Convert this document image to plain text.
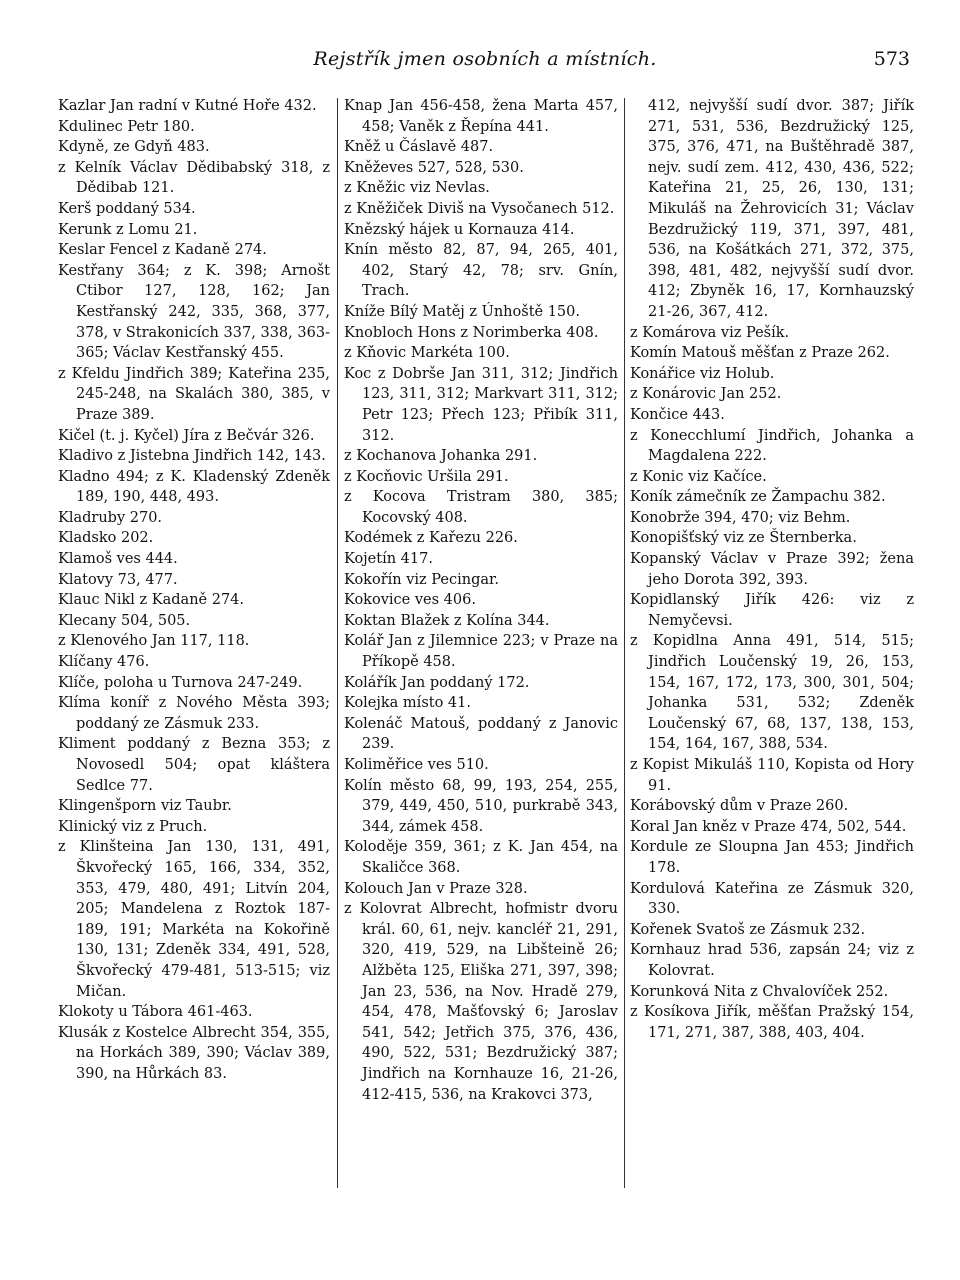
Rejstřík jmen osobních a místních.	573
Kazlar Jan radní v Kutné Hoře 432.
Kdulinec Petr 180.
Kdyně, ze Gdyň 483.
z Kelník Václav Dědibabský 318, z Dědibab 121.
Kerš poddaný 534.
Kerunk z Lomu 21.
Keslar Fencel z Kadaně 274.
Kestřany 364; z K. 398; Arnošt Ctibor 127, 128, 162; Jan Kestřanský 242, 335, 368, 377, 378, v Strakonicích 337, 338, 363-365; Václav Kestřanský 455.
z Kfeldu Jindřich 389; Kateřina 235, 245-248, na Skalách 380, 385, v Praze 389.
Kičel (t. j. Kyčel) Jíra z Bečvár 326.
Kladivo z Jistebna Jindřich 142, 143.
Kladno 494; z K. Kladenský Zdeněk 189, 190, 448, 493.
Kladruby 270.
Kladsko 202.
Klamoš ves 444.
Klatovy 73, 477.
Klauc Nikl z Kadaně 274.
Klecany 504, 505.
z Klenového Jan 117, 118.
Klíčany 476.
Klíče, poloha u Turnova 247-249.
Klíma koníř z Nového Města 393; poddaný ze Zásmuk 233.
Kliment poddaný z Bezna 353; z Novosedl 504; opat kláštera Sedlce 77.
Klingenšporn viz Taubr.
Klinický viz z Pruch.
z Klinšteina Jan 130, 131, 491, Škvořecký 165, 166, 334, 352, 353, 479, 480, 491; Litvín 204, 205; Mandelena z Roztok 187-189, 191; Markéta na Kokořině 130, 131; Zdeněk 334, 491, 528, Škvořecký 479-481, 513-515; viz Mičan.
Klokoty u Tábora 461-463.
Klusák z Kostelce Albrecht 354, 355, na Horkách 389, 390; Václav 389, 390, na Hůrkách 83.
Knap Jan 456-458, žena Marta 457, 458; Vaněk z Řepína 441.
Kněž u Čáslavě 487.
Kněževes 527, 528, 530.
z Kněžic viz Nevlas.
z Kněžiček Diviš na Vysočanech 512.
Knězský hájek u Kornauza 414.
Knín město 82, 87, 94, 265, 401, 402, Starý 42, 78; srv. Gnín, Trach.
Kníže Bílý Matěj z Únhoště 150.
Knobloch Hons z Norimberka 408.
z Kňovic Markéta 100.
Koc z Dobrše Jan 311, 312; Jindřich 123, 311, 312; Markvart 311, 312; Petr 123; Přech 123; Přibík 311, 312.
z Kochanova Johanka 291.
z Kocňovic Uršila 291.
z Kocova Tristram 380, 385; Kocovský 408.
Kodémek z Kařezu 226.
Kojetín 417.
Kokořín viz Pecingar.
Kokovice ves 406.
Koktan Blažek z Kolína 344.
Kolář Jan z Jilemnice 223; v Praze na Příkopě 458.
Kolářík Jan poddaný 172.
Kolejka místo 41.
Kolenáč Matouš, poddaný z Janovic 239.
Koliměřice ves 510.
Kolín město 68, 99, 193, 254, 255, 379, 449, 450, 510, purkrabě 343, 344, zámek 458.
Koloděje 359, 361; z K. Jan 454, na Skaličce 368.
Kolouch Jan v Praze 328.
z Kolovrat Albrecht, hofmistr dvoru král. 60, 61, nejv. kancléř 21, 291, 320, 419, 529, na Libšteině 26; Alžběta 125, Eliška 271, 397, 398; Jan 23, 536, na Nov. Hradě 279, 454, 478, Mašťovský 6; Jaroslav 541, 542; Jetřich 375, 376, 436, 490, 522, 531; Bezdružický 387; Jindřich na Kornhauze 16, 21-26, 412-415, 536, na Krakovci 373,
412, nejvyšší sudí dvor. 387; Jiřík 271, 531, 536, Bezdružický 125, 375, 376, 471, na Buštěhradě 387, nejv. sudí zem. 412, 430, 436, 522; Kateřina 21, 25, 26, 130, 131; Mikuláš na Žehrovicích 31; Václav Bezdružický 119, 371, 397, 481, 536, na Košátkách 271, 372, 375, 398, 481, 482, nejvyšší sudí dvor. 412; Zbyněk 16, 17, Kornhauzský 21-26, 367, 412.
z Komárova viz Pešík.
Komín Matouš měšťan z Praze 262.
Konářice viz Holub.
z Konárovic Jan 252.
Končice 443.
z Konecchlumí Jindřich, Johanka a Magdalena 222.
z Konic viz Kačíce.
Koník zámečník ze Žampachu 382.
Konobrže 394, 470; viz Behm.
Konopišťský viz ze Šternberka.
Kopanský Václav v Praze 392; žena jeho Dorota 392, 393.
Kopidlanský Jiřík 426: viz z Nemyčevsi.
z Kopidlna Anna 491, 514, 515; Jindřich Loučenský 19, 26, 153, 154, 167, 172, 173, 300, 301, 504; Johanka 531, 532; Zdeněk Loučenský 67, 68, 137, 138, 153, 154, 164, 167, 388, 534.
z Kopist Mikuláš 110, Kopista od Hory 91.
Korábovský dům v Praze 260.
Koral Jan kněz v Praze 474, 502, 544.
Kordule ze Sloupna Jan 453; Jindřich 178.
Kordulová Kateřina ze Zásmuk 320, 330.
Kořenek Svatoš ze Zásmuk 232.
Kornhauz hrad 536, zapsán 24; viz z Kolovrat.
Korunková Nita z Chvalovíček 252.
z Kosíkova Jiřík, měšťan Pražský 154, 171, 271, 387, 388, 403, 404.
